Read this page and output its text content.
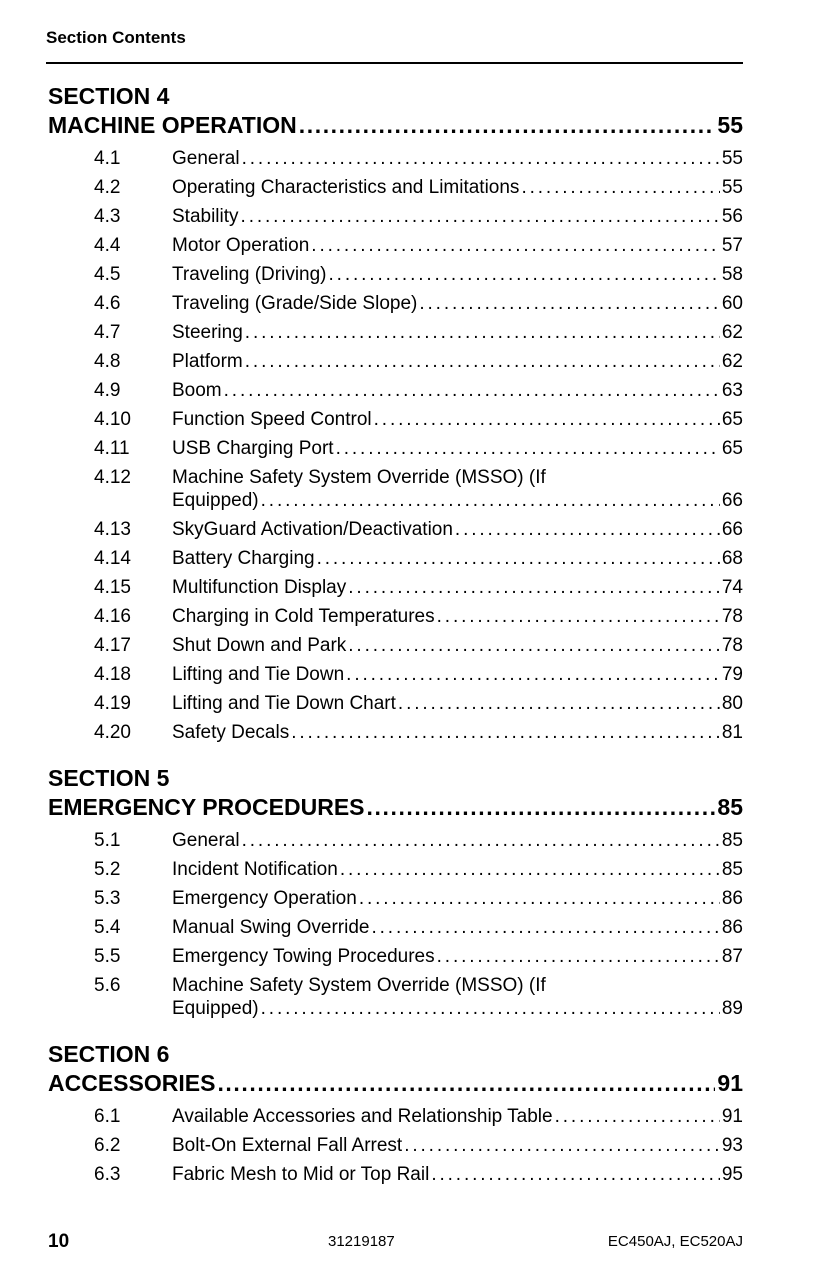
Section Contents
SECTION 4
MACHINE OPERATION . . .	55
4.1	General . . .	55
4.2	Operating Characteristics and Limitations . . .	55
4.3	Stability . . .	56
4.4	Motor Operation . . .	57
4.5	Traveling (Driving) . . .	58
4.6	Traveling (Grade/Side Slope) . . .	60
4.7	Steering . . .	62
4.8	Platform . . .	62
4.9	Boom . . .	63
4.10	Function Speed Control . . .	65
4.11	USB Charging Port . . .	65
4.12	Machine Safety System Override (MSSO) (If
Equipped) . . .	66
4.13	SkyGuard Activation/Deactivation . . .	66
4.14	Battery Charging . . .	68
4.15	Multifunction Display . . .	74
4.16	Charging in Cold Temperatures . . .	78
4.17	Shut Down and Park . . .	78
4.18	Lifting and Tie Down . . .	79
4.19	Lifting and Tie Down Chart . . .	80
4.20	Safety Decals . . .	81
SECTION 5
EMERGENCY PROCEDURES . . .	85
5.1	General . . .	85
5.2	Incident Notification . . .	85
5.3	Emergency Operation . . .	86
5.4	Manual Swing Override . . .	86
5.5	Emergency Towing Procedures . . .	87
5.6	Machine Safety System Override (MSSO) (If
Equipped) . . .	89
SECTION 6
ACCESSORIES . . .	91
6.1	Available Accessories and Relationship Table . . .	91
6.2	Bolt-On External Fall Arrest . . .	93
6.3	Fabric Mesh to Mid or Top Rail . . .	95
10	31219187	EC450AJ, EC520AJ
